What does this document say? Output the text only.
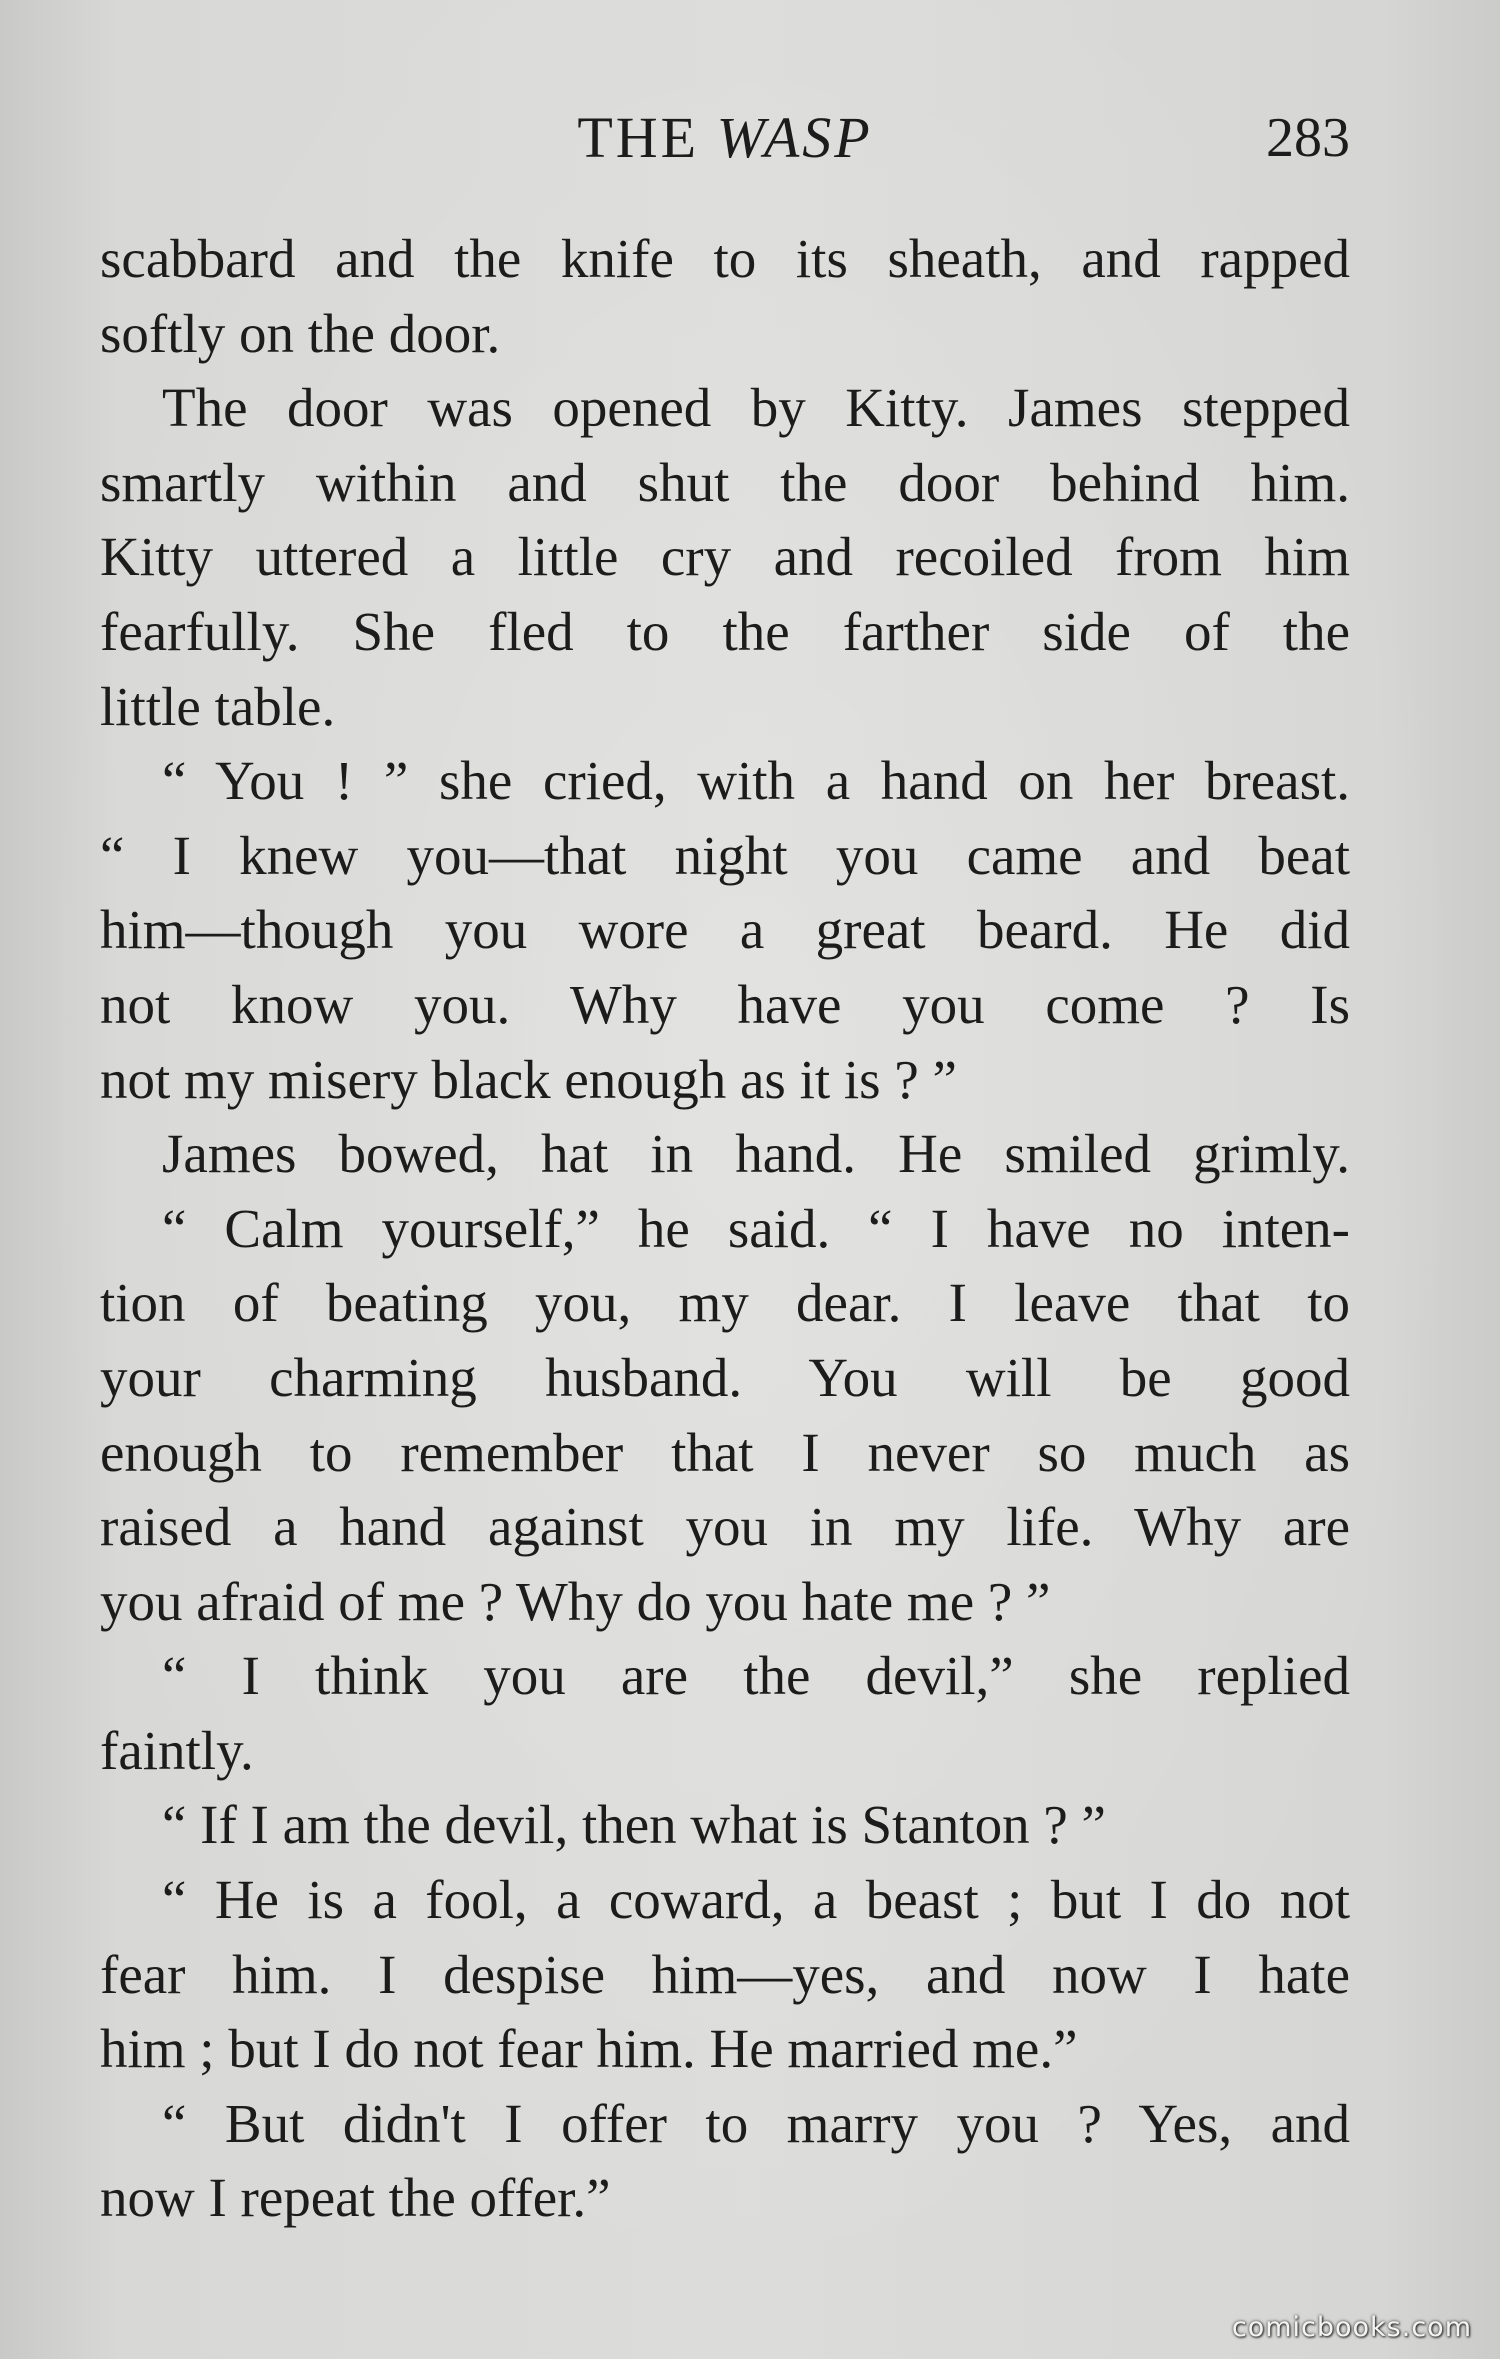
THE WASP	283
scabbard and the knife to its sheath, and rapped
softly on the door.
The door was opened by Kitty. James stepped
smartly within and shut the door behind him.
Kitty uttered a little cry and recoiled from him
fearfully. She fled to the farther side of the
little table.
“ You ! ” she cried, with a hand on her breast.
“ I knew you—that night you came and beat
him—though you wore a great beard. He did
not know you. Why have you come ? Is
not my misery black enough as it is ? ”
James bowed, hat in hand. He smiled grimly.
“ Calm yourself,” he said. “ I have no inten-
tion of beating you, my dear. I leave that to
your charming husband. You will be good
enough to remember that I never so much as
raised a hand against you in my life. Why are
you afraid of me ? Why do you hate me ? ”
“ I think you are the devil,” she replied
faintly.
“ If I am the devil, then what is Stanton ? ”
“ He is a fool, a coward, a beast ; but I do not
fear him. I despise him—yes, and now I hate
him ; but I do not fear him. He married me.”
“ But didn't I offer to marry you ? Yes, and
now I repeat the offer.”
comicbooks.com
